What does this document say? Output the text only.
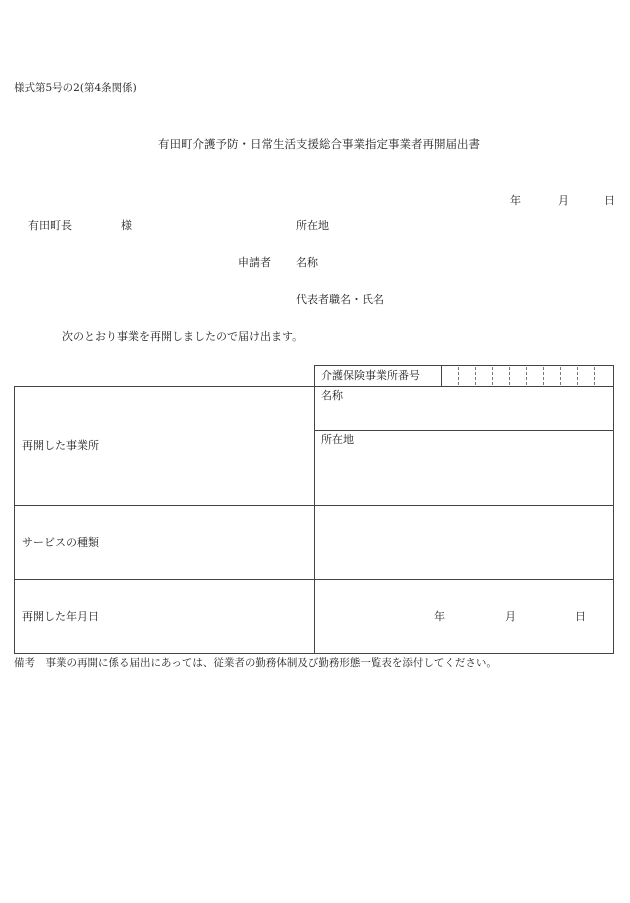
様式第5号の2(第4条関係)
有田町介護予防・日常生活支援総合事業指定事業者再開届出書
年	月	日
有田町長	様	所在地
申請者 名称
代表者職名・氏名
次のとおり事業を再開しましたので届け出ます。
介護保険事業所番号
再開した事業所
名称
所在地
サービスの種類
再開した年月日	年	月	日
備考　事業の再開に係る届出にあっては、従業者の勤務体制及び勤務形態一覧表を添付してください。
